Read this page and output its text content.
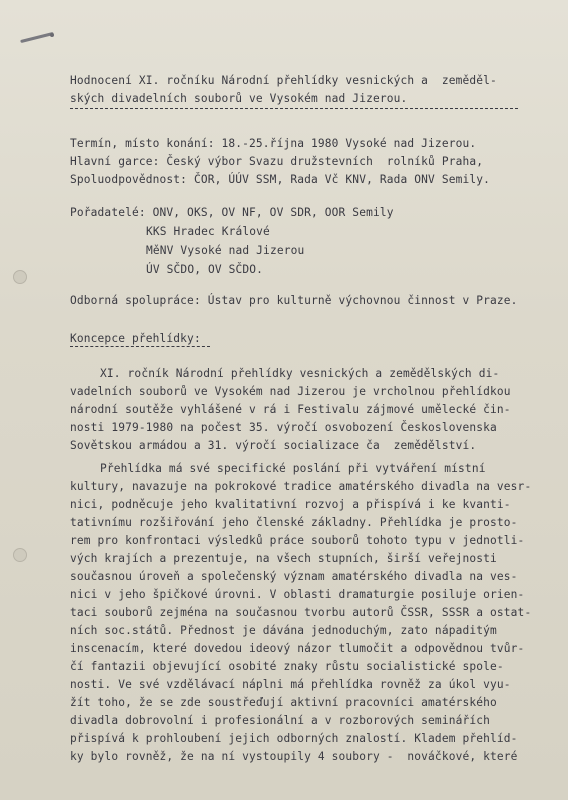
Hodnocení XI. ročníku Národní přehlídky vesnických a  zeměděl-
ských divadelních souborů ve Vysokém nad Jizerou.
Termín, místo konání: 18.-25.října 1980 Vysoké nad Jizerou.
Hlavní garce: Český výbor Svazu družstevních  rolníků Praha,
Spoluodpovědnost: ČOR, ÚÚV SSM, Rada Vč KNV, Rada ONV Semily.
Pořadatelé: ONV, OKS, OV NF, OV SDR, OOR Semily
KKS Hradec Králové
MěNV Vysoké nad Jizerou
ÚV SČDO, OV SČDO.
Odborná spolupráce: Ústav pro kulturně výchovnou činnost v Praze.
Koncepce přehlídky:
XI. ročník Národní přehlídky vesnických a zemědělských di-
vadelních souborů ve Vysokém nad Jizerou je vrcholnou přehlídkou
národní soutěže vyhlášené v rá i Festivalu zájmové umělecké čin-
nosti 1979-1980 na počest 35. výročí osvobození Československa
Sovětskou armádou a 31. výročí socializace ča  zemědělství.
Přehlídka má své specifické poslání při vytváření místní
kultury, navazuje na pokrokové tradice amatérského divadla na vesr-
nici, podněcuje jeho kvalitativní rozvoj a přispívá i ke kvanti-
tativnímu rozšiřování jeho členské základny. Přehlídka je prosto-
rem pro konfrontaci výsledků práce souborů tohoto typu v jednotli-
vých krajích a prezentuje, na všech stupních, širší veřejnosti
současnou úroveň a společenský význam amatérského divadla na ves-
nici v jeho špičkové úrovni. V oblasti dramaturgie posiluje orien-
taci souborů zejména na současnou tvorbu autorů ČSSR, SSSR a ostat-
ních soc.států. Přednost je dávána jednoduchým, zato nápaditým
inscenacím, které dovedou ideový názor tlumočit a odpovědnou tvůr-
čí fantazii objevující osobité znaky růstu socialistické spole-
nosti. Ve své vzdělávací náplni má přehlídka rovněž za úkol vyu-
žít toho, že se zde soustřeďují aktivní pracovníci amatérského
divadla dobrovolní i profesionální a v rozborových seminářích
přispívá k prohloubení jejich odborných znalostí. Kladem přehlíd-
ky bylo rovněž, že na ní vystoupily 4 soubory -  nováčkové, které
